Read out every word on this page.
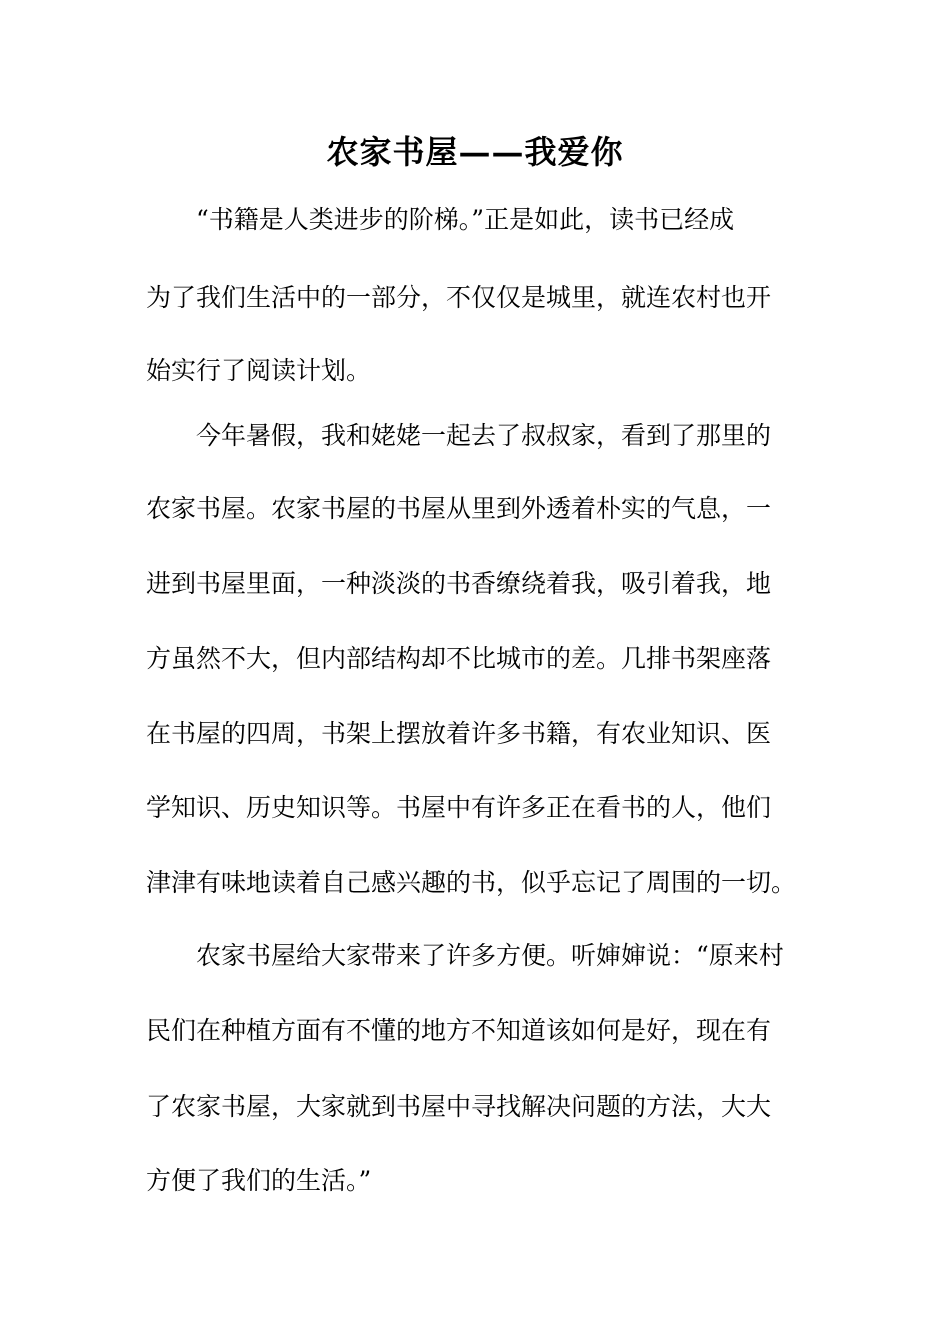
农家书屋——我爱你

　　“书籍是人类进步的阶梯。”正是如此，读书已经成

为了我们生活中的一部分，不仅仅是城里，就连农村也开

始实行了阅读计划。

　　今年暑假，我和姥姥一起去了叔叔家，看到了那里的

农家书屋。农家书屋的书屋从里到外透着朴实的气息，一

进到书屋里面，一种淡淡的书香缭绕着我，吸引着我，地

方虽然不大，但内部结构却不比城市的差。几排书架座落

在书屋的四周，书架上摆放着许多书籍，有农业知识、医

学知识、历史知识等。书屋中有许多正在看书的人，他们

津津有味地读着自己感兴趣的书，似乎忘记了周围的一切。

　　农家书屋给大家带来了许多方便。听婶婶说：“原来村

民们在种植方面有不懂的地方不知道该如何是好，现在有

了农家书屋，大家就到书屋中寻找解决问题的方法，大大

方便了我们的生活。”
